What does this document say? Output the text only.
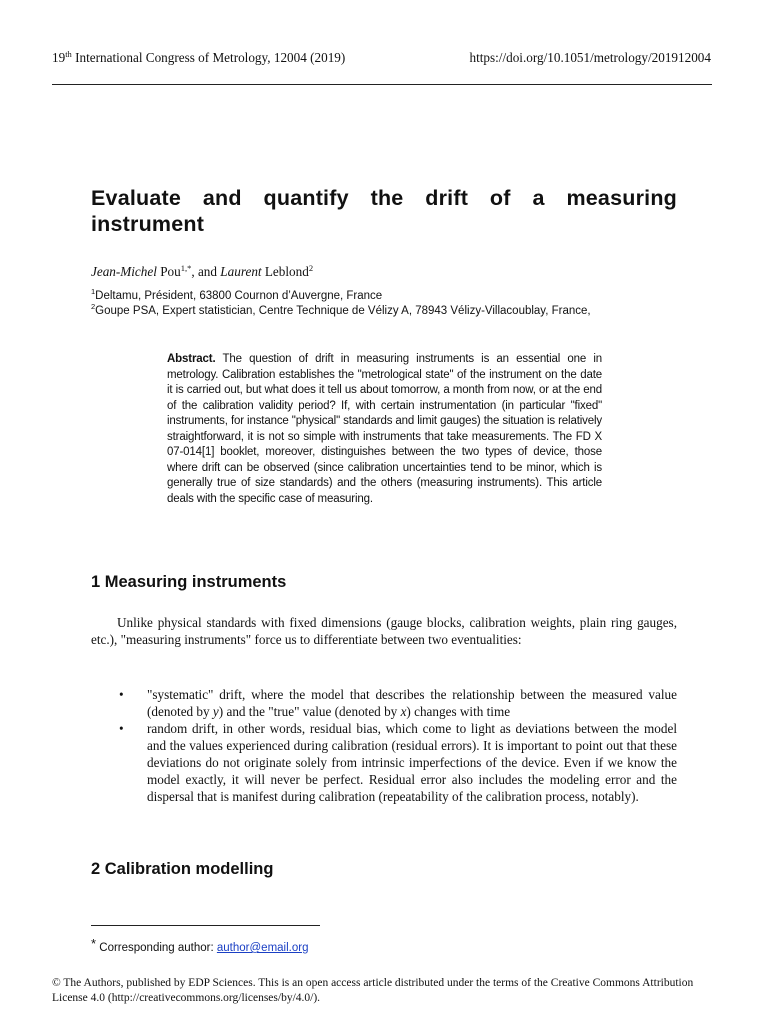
19th International Congress of Metrology, 12004 (2019)	https://doi.org/10.1051/metrology/201912004
Evaluate and quantify the drift of a measuring instrument
Jean-Michel Pou$^{1,*}$, and Laurent Leblond$^2$
$^1$Deltamu, Président, 63800 Cournon d’Auvergne, France
$^2$Goupe PSA, Expert statistician, Centre Technique de Vélizy A, 78943 Vélizy-Villacoublay, France,
Abstract. The question of drift in measuring instruments is an essential one in metrology. Calibration establishes the "metrological state" of the instrument on the date it is carried out, but what does it tell us about tomorrow, a month from now, or at the end of the calibration validity period? If, with certain instrumentation (in particular "fixed" instruments, for instance "physical" standards and limit gauges) the situation is relatively straightforward, it is not so simple with instruments that take measurements. The FD X 07-014[1] booklet, moreover, distinguishes between the two types of device, those where drift can be observed (since calibration uncertainties tend to be minor, which is generally true of size standards) and the others (measuring instruments). This article deals with the specific case of measuring.
1 Measuring instruments
Unlike physical standards with fixed dimensions (gauge blocks, calibration weights, plain ring gauges, etc.), "measuring instruments" force us to differentiate between two eventualities:
• "systematic" drift, where the model that describes the relationship between the measured value (denoted by y) and the "true" value (denoted by x) changes with time
• random drift, in other words, residual bias, which come to light as deviations between the model and the values experienced during calibration (residual errors). It is important to point out that these deviations do not originate solely from intrinsic imperfections of the device. Even if we know the model exactly, it will never be perfect. Residual error also includes the modeling error and the dispersal that is manifest during calibration (repeatability of the calibration process, notably).
2 Calibration modelling
* Corresponding author: author@email.org
© The Authors, published by EDP Sciences. This is an open access article distributed under the terms of the Creative Commons Attribution License 4.0 (http://creativecommons.org/licenses/by/4.0/).
